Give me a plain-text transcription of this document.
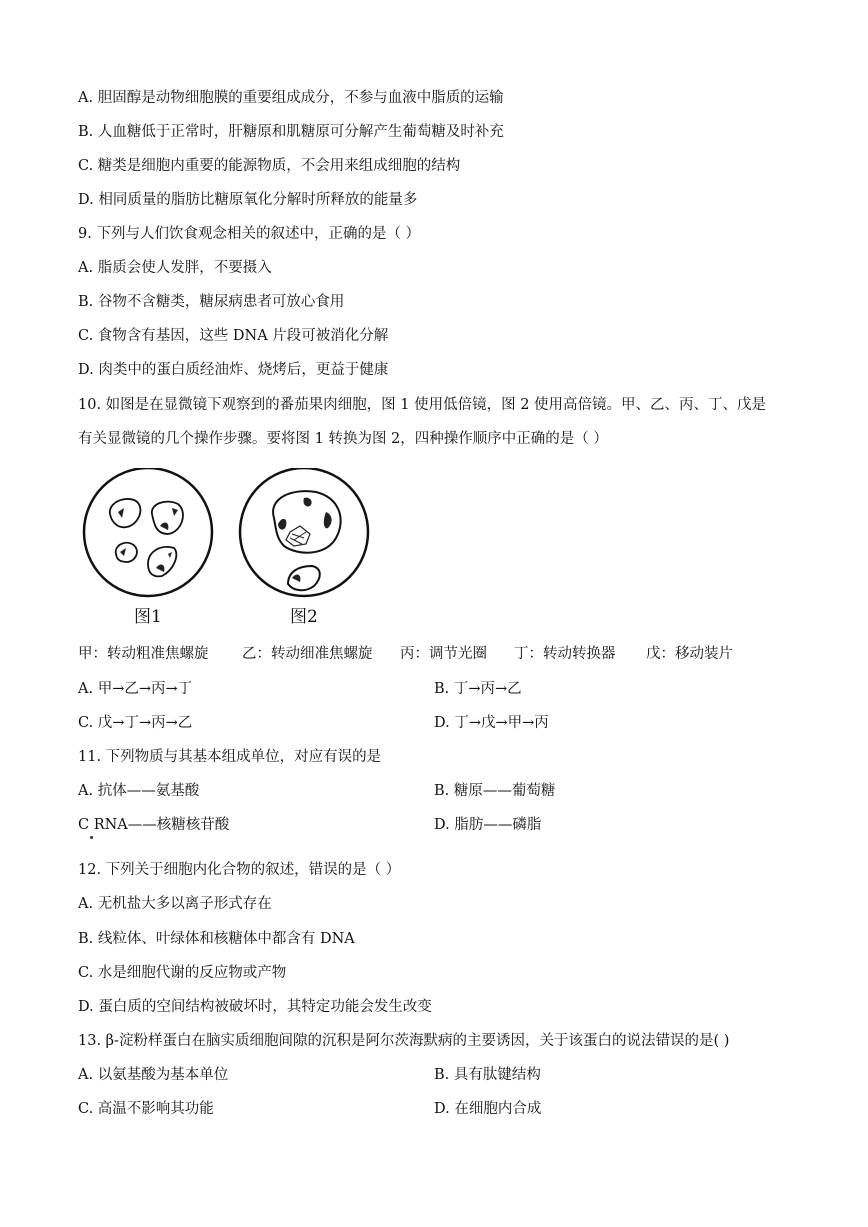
A. 胆固醇是动物细胞膜的重要组成成分，不参与血液中脂质的运输
B. 人血糖低于正常时，肝糖原和肌糖原可分解产生葡萄糖及时补充
C. 糖类是细胞内重要的能源物质，不会用来组成细胞的结构
D. 相同质量的脂肪比糖原氧化分解时所释放的能量多
9. 下列与人们饮食观念相关的叙述中，正确的是（ ）
A. 脂质会使人发胖，不要摄入
B. 谷物不含糖类，糖尿病患者可放心食用
C. 食物含有基因，这些 DNA 片段可被消化分解
D. 肉类中的蛋白质经油炸、烧烤后，更益于健康
10. 如图是在显微镜下观察到的番茄果肉细胞，图 1 使用低倍镜，图 2 使用高倍镜。甲、乙、丙、丁、戊是
有关显微镜的几个操作步骤。要将图 1 转换为图 2，四种操作顺序中正确的是（ ）
图1	图2
甲：转动粗准焦螺旋 乙：转动细准焦螺旋 丙：调节光圈 丁：转动转换器 戊：移动装片
A. 甲→乙→丙→丁	B. 丁→丙→乙
C. 戊→丁→丙→乙	D. 丁→戊→甲→丙
11. 下列物质与其基本组成单位，对应有误的是
A. 抗体——氨基酸	B. 糖原——葡萄糖
C RNA——核糖核苷酸	D. 脂肪——磷脂
12. 下列关于细胞内化合物的叙述，错误的是（ ）
A. 无机盐大多以离子形式存在
B. 线粒体、叶绿体和核糖体中都含有 DNA
C. 水是细胞代谢的反应物或产物
D. 蛋白质的空间结构被破坏时，其特定功能会发生改变
13. β-淀粉样蛋白在脑实质细胞间隙的沉积是阿尔茨海默病的主要诱因，关于该蛋白的说法错误的是( )
A. 以氨基酸为基本单位	B. 具有肽键结构
C. 高温不影响其功能	D. 在细胞内合成
